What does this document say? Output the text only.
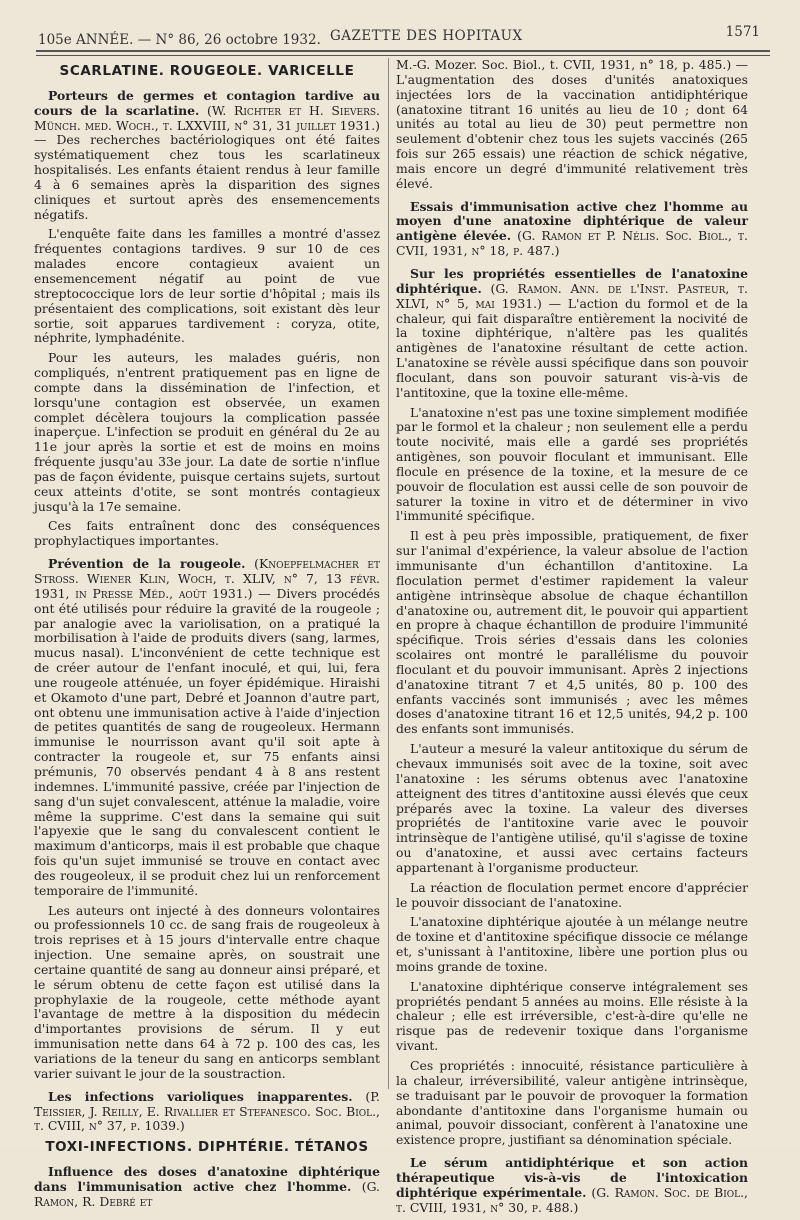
105e ANNÉE. — N° 86, 26 octobre 1932. GAZETTE DES HOPITAUX	1571
SCARLATINE. ROUGEOLE. VARICELLE

Porteurs de germes et contagion tardive au cours de la scarlatine. (W. Richter et H. Sievers. Münch. med. Woch., t. LXXVIII, n° 31, 31 juillet 1931.) — Des recherches bactériologiques ont été faites systématiquement chez tous les scarlatineux hospitalisés. Les enfants étaient rendus à leur famille 4 à 6 semaines après la disparition des signes cliniques et surtout après des ensemencements négatifs.

L'enquête faite dans les familles a montré d'assez fréquentes contagions tardives. 9 sur 10 de ces malades encore contagieux avaient un ensemencement négatif au point de vue streptococcique lors de leur sortie d'hôpital ; mais ils présentaient des complications, soit existant dès leur sortie, soit apparues tardivement : coryza, otite, néphrite, lymphadénite.

Pour les auteurs, les malades guéris, non compliqués, n'entrent pratiquement pas en ligne de compte dans la dissémination de l'infection, et lorsqu'une contagion est observée, un examen complet décèlera toujours la complication passée inaperçue. L'infection se produit en général du 2e au 11e jour après la sortie et est de moins en moins fréquente jusqu'au 33e jour. La date de sortie n'influe pas de façon évidente, puisque certains sujets, surtout ceux atteints d'otite, se sont montrés contagieux jusqu'à la 17e semaine.

Ces faits entraînent donc des conséquences prophylactiques importantes.

Prévention de la rougeole. (Knoepfelmacher et Stross. Wiener Klin, Woch, t. XLIV, n° 7, 13 févr. 1931, in Presse Méd., août 1931.) — Divers procédés ont été utilisés pour réduire la gravité de la rougeole ; par analogie avec la variolisation, on a pratiqué la morbilisation à l'aide de produits divers (sang, larmes, mucus nasal). L'inconvénient de cette technique est de créer autour de l'enfant inoculé, et qui, lui, fera une rougeole atténuée, un foyer épidémique. Hiraishi et Okamoto d'une part, Debré et Joannon d'autre part, ont obtenu une immunisation active à l'aide d'injection de petites quantités de sang de rougeoleux. Hermann immunise le nourrisson avant qu'il soit apte à contracter la rougeole et, sur 75 enfants ainsi prémunis, 70 observés pendant 4 à 8 ans restent indemnes. L'immunité passive, créée par l'injection de sang d'un sujet convalescent, atténue la maladie, voire même la supprime. C'est dans la semaine qui suit l'apyexie que le sang du convalescent contient le maximum d'anticorps, mais il est probable que chaque fois qu'un sujet immunisé se trouve en contact avec des rougeoleux, il se produit chez lui un renforcement temporaire de l'immunité.

Les auteurs ont injecté à des donneurs volontaires ou professionnels 10 cc. de sang frais de rougeoleux à trois reprises et à 15 jours d'intervalle entre chaque injection. Une semaine après, on soustrait une certaine quantité de sang au donneur ainsi préparé, et le sérum obtenu de cette façon est utilisé dans la prophylaxie de la rougeole, cette méthode ayant l'avantage de mettre à la disposition du médecin d'importantes provisions de sérum. Il y eut immunisation nette dans 64 à 72 p. 100 des cas, les variations de la teneur du sang en anticorps semblant varier suivant le jour de la soustraction.

Les infections varioliques inapparentes. (P. Teissier, J. Reilly, E. Rivallier et Stefanesco. Soc. Biol., t. CVIII, n° 37, p. 1039.)

TOXI-INFECTIONS. DIPHTÉRIE. TÉTANOS

Influence des doses d'anatoxine diphtérique dans l'immunisation active chez l'homme. (G. Ramon, R. Debré et

M.-G. Mozer. Soc. Biol., t. CVII, 1931, n° 18, p. 485.) — L'augmentation des doses d'unités anatoxiques injectées lors de la vaccination antidiphtérique (anatoxine titrant 16 unités au lieu de 10 ; dont 64 unités au total au lieu de 30) peut permettre non seulement d'obtenir chez tous les sujets vaccinés (265 fois sur 265 essais) une réaction de schick négative, mais encore un degré d'immunité relativement très élevé.

Essais d'immunisation active chez l'homme au moyen d'une anatoxine diphtérique de valeur antigène élevée. (G. Ramon et P. Nélis. Soc. Biol., t. CVII, 1931, n° 18, p. 487.)

Sur les propriétés essentielles de l'anatoxine diphtérique. (G. Ramon. Ann. de l'Inst. Pasteur, t. XLVI, n° 5, mai 1931.) — L'action du formol et de la chaleur, qui fait disparaître entièrement la nocivité de la toxine diphtérique, n'altère pas les qualités antigènes de l'anatoxine résultant de cette action. L'anatoxine se révèle aussi spécifique dans son pouvoir floculant, dans son pouvoir saturant vis-à-vis de l'antitoxine, que la toxine elle-même.

L'anatoxine n'est pas une toxine simplement modifiée par le formol et la chaleur ; non seulement elle a perdu toute nocivité, mais elle a gardé ses propriétés antigènes, son pouvoir floculant et immunisant. Elle flocule en présence de la toxine, et la mesure de ce pouvoir de floculation est aussi celle de son pouvoir de saturer la toxine in vitro et de déterminer in vivo l'immunité spécifique.

Il est à peu près impossible, pratiquement, de fixer sur l'animal d'expérience, la valeur absolue de l'action immunisante d'un échantillon d'antitoxine. La floculation permet d'estimer rapidement la valeur antigène intrinsèque absolue de chaque échantillon d'anatoxine ou, autrement dit, le pouvoir qui appartient en propre à chaque échantillon de produire l'immunité spécifique. Trois séries d'essais dans les colonies scolaires ont montré le parallélisme du pouvoir floculant et du pouvoir immunisant. Après 2 injections d'anatoxine titrant 7 et 4,5 unités, 80 p. 100 des enfants vaccinés sont immunisés ; avec les mêmes doses d'anatoxine titrant 16 et 12,5 unités, 94,2 p. 100 des enfants sont immunisés.

L'auteur a mesuré la valeur antitoxique du sérum de chevaux immunisés soit avec de la toxine, soit avec l'anatoxine : les sérums obtenus avec l'anatoxine atteignent des titres d'antitoxine aussi élevés que ceux préparés avec la toxine. La valeur des diverses propriétés de l'antitoxine varie avec le pouvoir intrinsèque de l'antigène utilisé, qu'il s'agisse de toxine ou d'anatoxine, et aussi avec certains facteurs appartenant à l'organisme producteur.

La réaction de floculation permet encore d'apprécier le pouvoir dissociant de l'anatoxine.

L'anatoxine diphtérique ajoutée à un mélange neutre de toxine et d'antitoxine spécifique dissocie ce mélange et, s'unissant à l'antitoxine, libère une portion plus ou moins grande de toxine.

L'anatoxine diphtérique conserve intégralement ses propriétés pendant 5 années au moins. Elle résiste à la chaleur ; elle est irréversible, c'est-à-dire qu'elle ne risque pas de redevenir toxique dans l'organisme vivant.

Ces propriétés : innocuité, résistance particulière à la chaleur, irréversibilité, valeur antigène intrinsèque, se traduisant par le pouvoir de provoquer la formation abondante d'antitoxine dans l'organisme humain ou animal, pouvoir dissociant, confèrent à l'anatoxine une existence propre, justifiant sa dénomination spéciale.

Le sérum antidiphtérique et son action thérapeutique vis-à-vis de l'intoxication diphtérique expérimentale. (G. Ramon. Soc. de Biol., t. CVIII, 1931, n° 30, p. 488.)
